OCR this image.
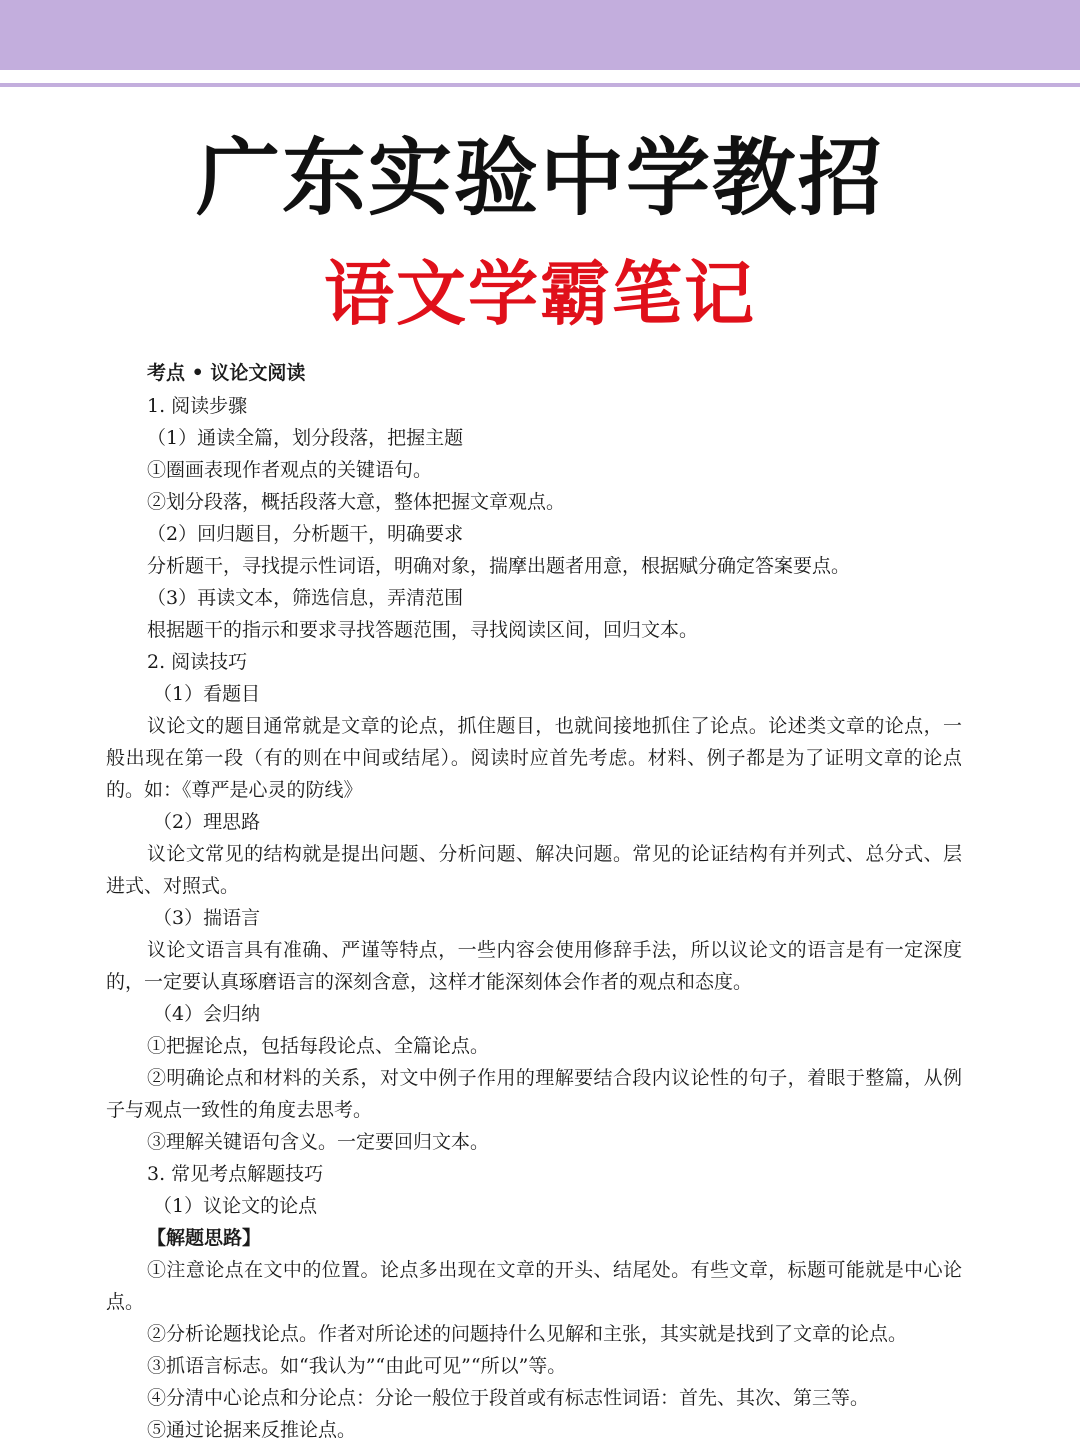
广东实验中学教招
语文学霸笔记

考点 • 议论文阅读

1. 阅读步骤

（1）通读全篇，划分段落，把握主题

①圈画表现作者观点的关键语句。

②划分段落，概括段落大意，整体把握文章观点。

（2）回归题目，分析题干，明确要求

分析题干，寻找提示性词语，明确对象，揣摩出题者用意，根据赋分确定答案要点。

（3）再读文本，筛选信息，弄清范围

根据题干的指示和要求寻找答题范围，寻找阅读区间，回归文本。

2. 阅读技巧

（1）看题目

议论文的题目通常就是文章的论点，抓住题目，也就间接地抓住了论点。论述类文章的论点，一般出现在第一段（有的则在中间或结尾）。阅读时应首先考虑。材料、例子都是为了证明文章的论点的。如：《尊严是心灵的防线》

（2）理思路

议论文常见的结构就是提出问题、分析问题、解决问题。常见的论证结构有并列式、总分式、层进式、对照式。

（3）揣语言

议论文语言具有准确、严谨等特点，一些内容会使用修辞手法，所以议论文的语言是有一定深度的，一定要认真琢磨语言的深刻含意，这样才能深刻体会作者的观点和态度。

（4）会归纳

①把握论点，包括每段论点、全篇论点。

②明确论点和材料的关系，对文中例子作用的理解要结合段内议论性的句子，着眼于整篇，从例子与观点一致性的角度去思考。

③理解关键语句含义。一定要回归文本。

3. 常见考点解题技巧

（1）议论文的论点

【解题思路】

①注意论点在文中的位置。论点多出现在文章的开头、结尾处。有些文章，标题可能就是中心论点。

②分析论题找论点。作者对所论述的问题持什么见解和主张，其实就是找到了文章的论点。

③抓语言标志。如“我认为”“由此可见”“所以”等。

④分清中心论点和分论点：分论一般位于段首或有标志性词语：首先、其次、第三等。

⑤通过论据来反推论点。
